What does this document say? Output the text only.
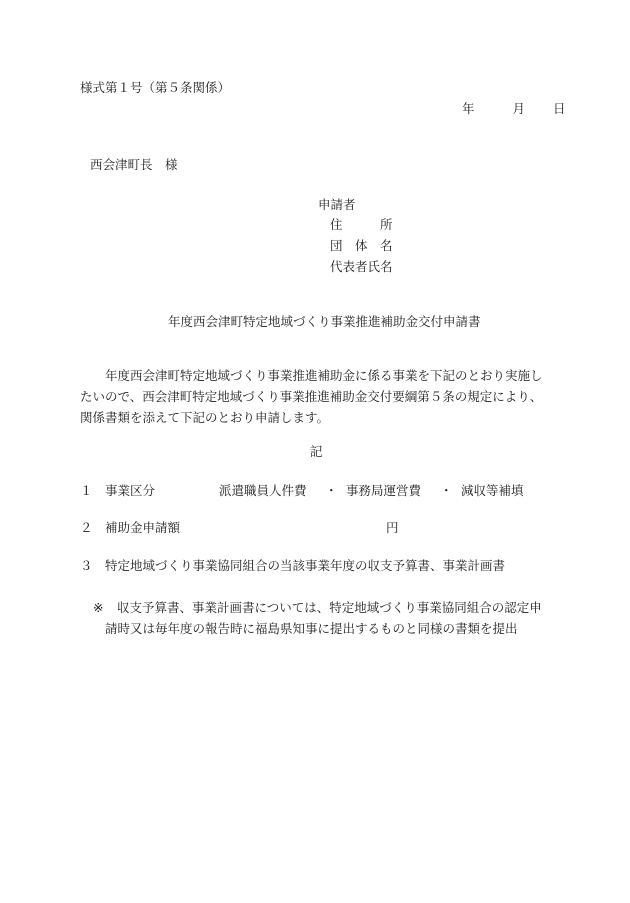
様式第１号（第５条関係）
年	月 日
西会津町長　様
申請者
住　　　所
団　体　名
代表者氏名
年度西会津町特定地域づくり事業推進補助金交付申請書
年度西会津町特定地域づくり事業推進補助金に係る事業を下記のとおり実施し
たいので、西会津町特定地域づくり事業推進補助金交付要綱第５条の規定により、
関係書類を添えて下記のとおり申請します。
記
１ 事業区分	派遣職員人件費 ・ 事務局運営費 ・ 減収等補填
２ 補助金申請額	円
３ 特定地域づくり事業協同組合の当該事業年度の収支予算書、事業計画書
※ 収支予算書、事業計画書については、特定地域づくり事業協同組合の認定申
請時又は毎年度の報告時に福島県知事に提出するものと同様の書類を提出
